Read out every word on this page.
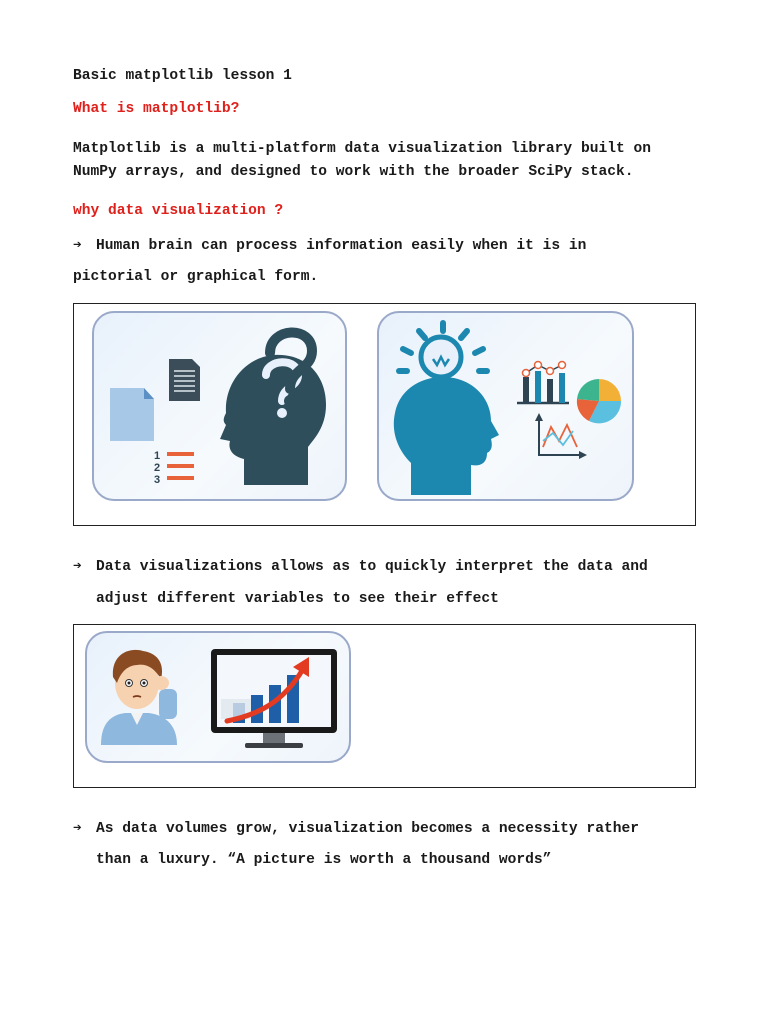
Basic matplotlib lesson 1
What is matplotlib?
Matplotlib is a multi-platform data visualization library built on
NumPy arrays, and designed to work with the broader SciPy stack.
why data visualization ?
➔ Human brain can process information easily when it is in
pictorial or graphical form.
1
2
3
➔ Data visualizations allows as to quickly interpret the data and
adjust different variables to see their effect
➔ As data volumes grow, visualization becomes a necessity rather
than a luxury. “A picture is worth a thousand words”
